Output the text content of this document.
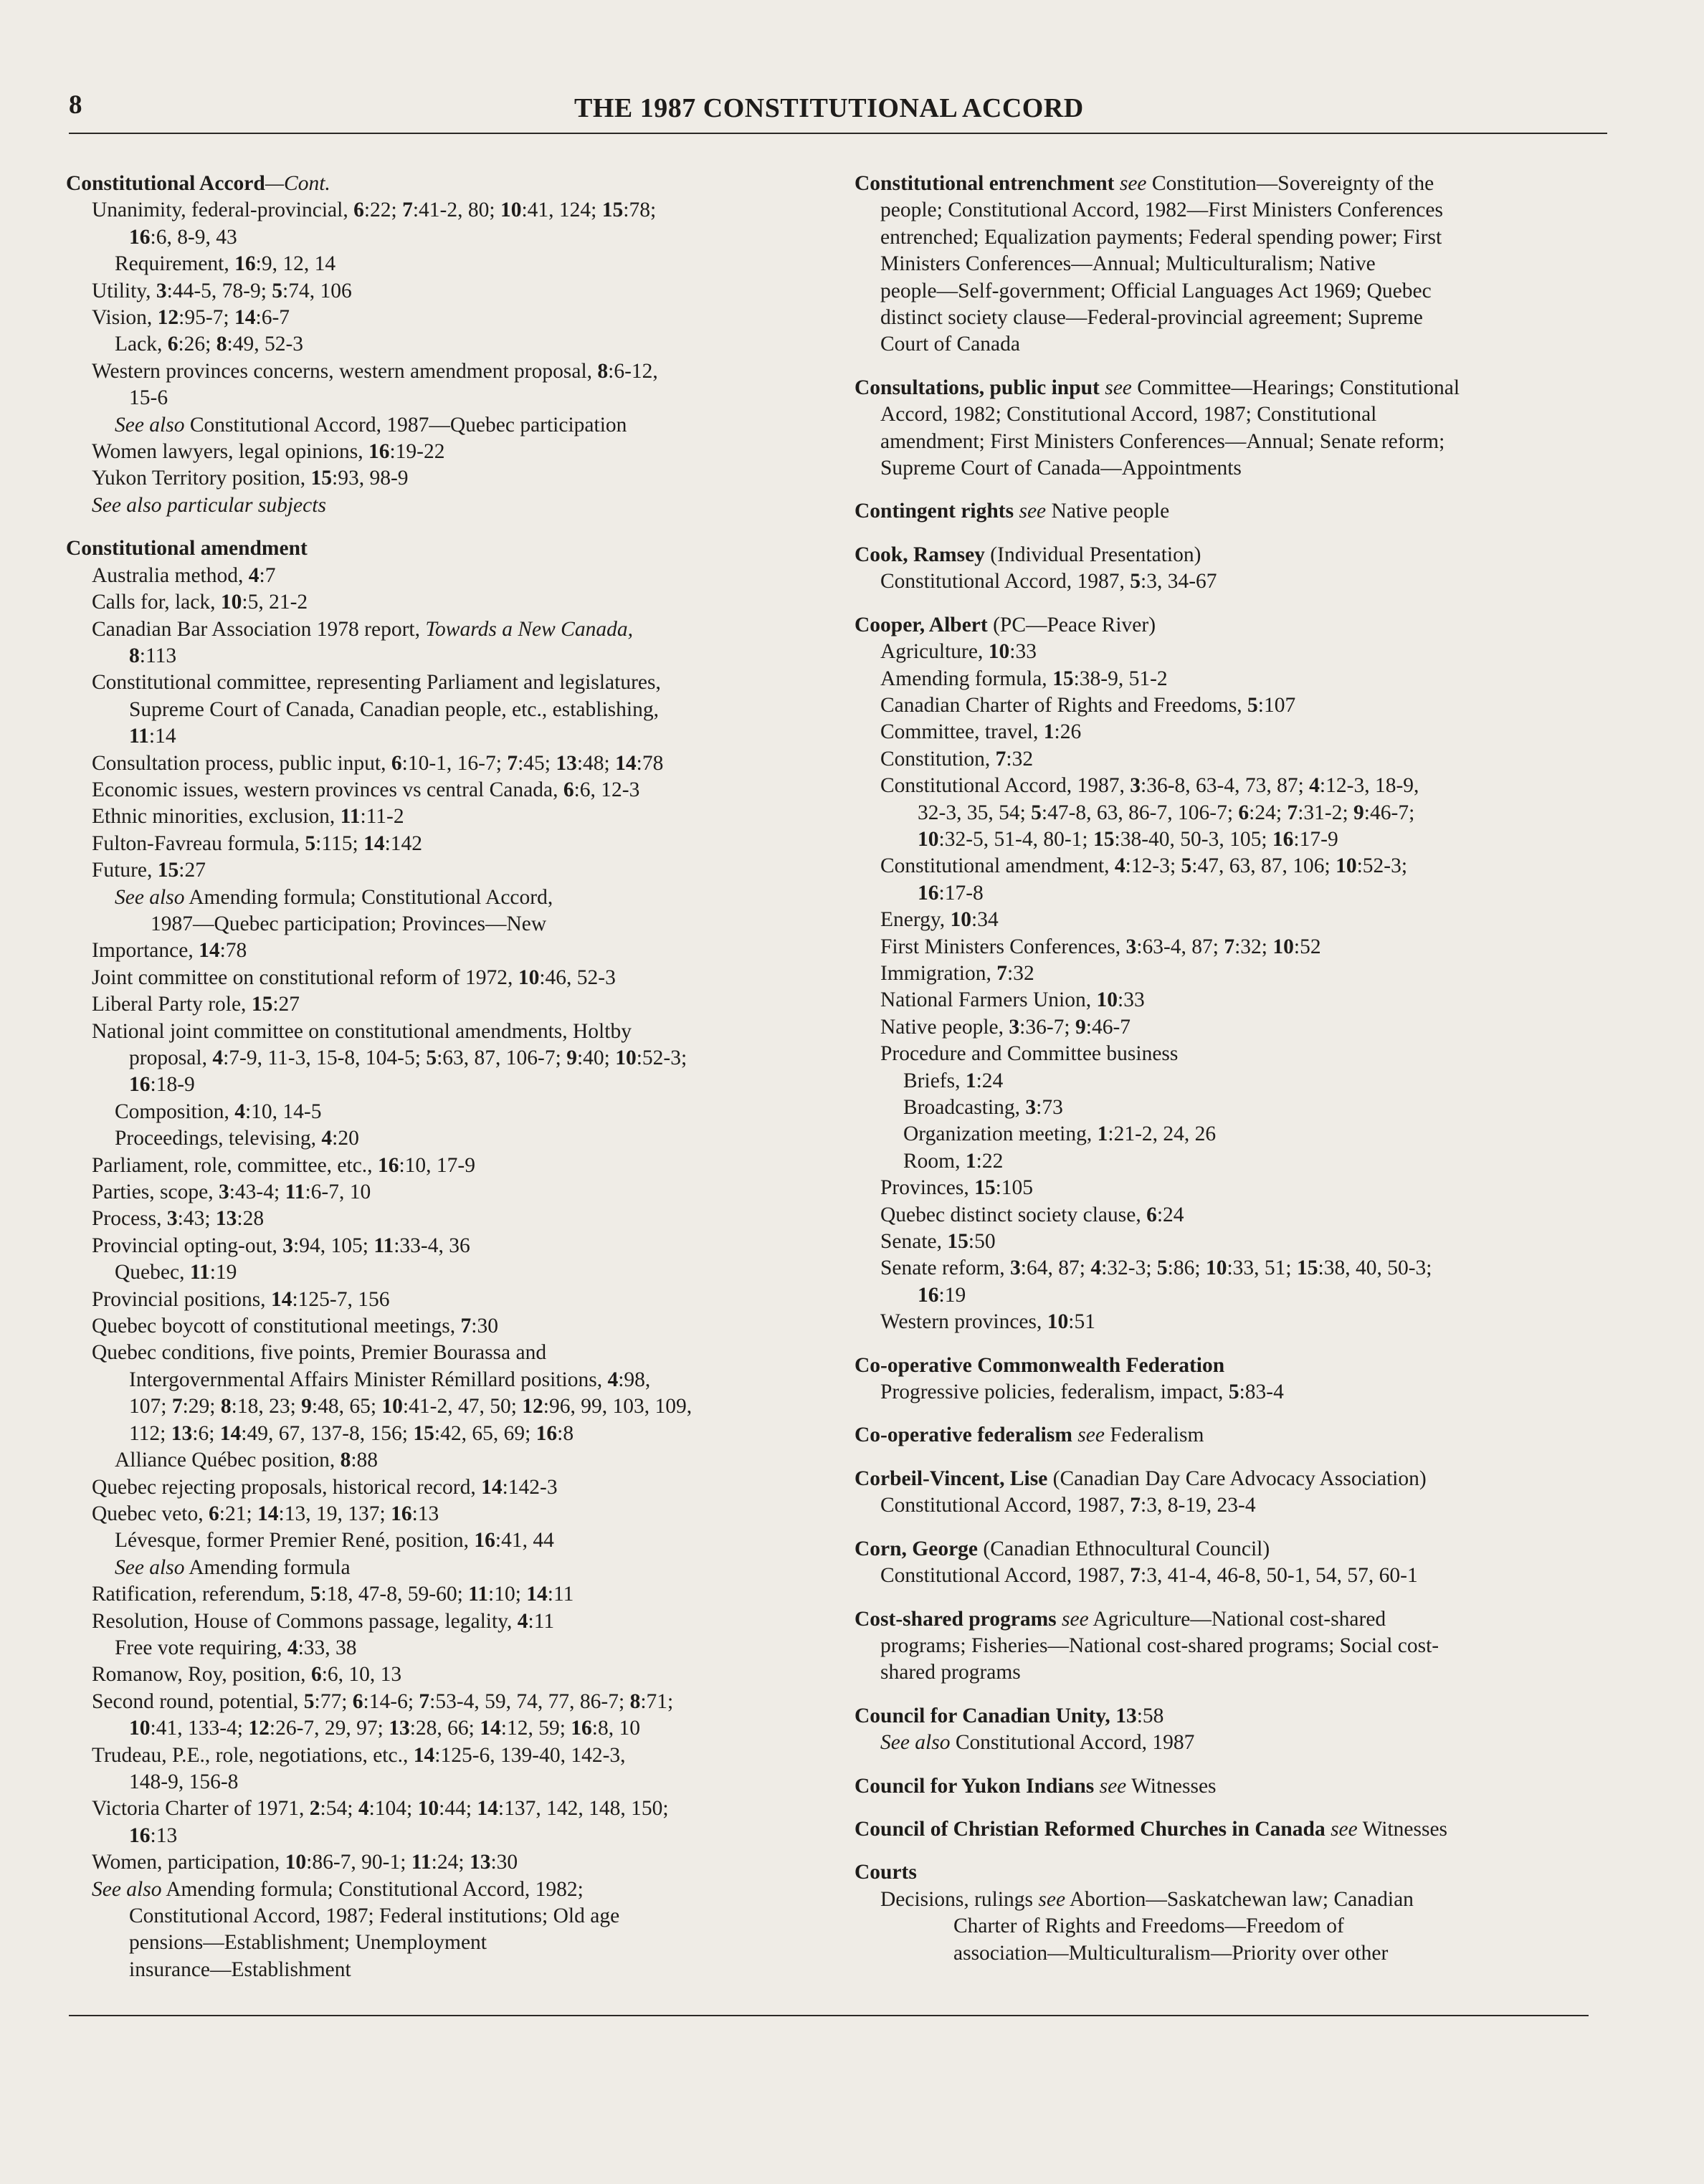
8	THE 1987 CONSTITUTIONAL ACCORD
Constitutional Accord—Cont.
Unanimity, federal-provincial, 6:22; 7:41-2, 80; 10:41, 124; 15:78;
16:6, 8-9, 43
Requirement, 16:9, 12, 14
Utility, 3:44-5, 78-9; 5:74, 106
Vision, 12:95-7; 14:6-7
Lack, 6:26; 8:49, 52-3
Western provinces concerns, western amendment proposal, 8:6-12,
15-6
See also Constitutional Accord, 1987—Quebec participation
Women lawyers, legal opinions, 16:19-22
Yukon Territory position, 15:93, 98-9
See also particular subjects
Constitutional amendment
Australia method, 4:7
Calls for, lack, 10:5, 21-2
Canadian Bar Association 1978 report, Towards a New Canada,
8:113
Constitutional committee, representing Parliament and legislatures,
Supreme Court of Canada, Canadian people, etc., establishing,
11:14
Consultation process, public input, 6:10-1, 16-7; 7:45; 13:48; 14:78
Economic issues, western provinces vs central Canada, 6:6, 12-3
Ethnic minorities, exclusion, 11:11-2
Fulton-Favreau formula, 5:115; 14:142
Future, 15:27
See also Amending formula; Constitutional Accord,
1987—Quebec participation; Provinces—New
Importance, 14:78
Joint committee on constitutional reform of 1972, 10:46, 52-3
Liberal Party role, 15:27
National joint committee on constitutional amendments, Holtby
proposal, 4:7-9, 11-3, 15-8, 104-5; 5:63, 87, 106-7; 9:40; 10:52-3;
16:18-9
Composition, 4:10, 14-5
Proceedings, televising, 4:20
Parliament, role, committee, etc., 16:10, 17-9
Parties, scope, 3:43-4; 11:6-7, 10
Process, 3:43; 13:28
Provincial opting-out, 3:94, 105; 11:33-4, 36
Quebec, 11:19
Provincial positions, 14:125-7, 156
Quebec boycott of constitutional meetings, 7:30
Quebec conditions, five points, Premier Bourassa and
Intergovernmental Affairs Minister Rémillard positions, 4:98,
107; 7:29; 8:18, 23; 9:48, 65; 10:41-2, 47, 50; 12:96, 99, 103, 109,
112; 13:6; 14:49, 67, 137-8, 156; 15:42, 65, 69; 16:8
Alliance Québec position, 8:88
Quebec rejecting proposals, historical record, 14:142-3
Quebec veto, 6:21; 14:13, 19, 137; 16:13
Lévesque, former Premier René, position, 16:41, 44
See also Amending formula
Ratification, referendum, 5:18, 47-8, 59-60; 11:10; 14:11
Resolution, House of Commons passage, legality, 4:11
Free vote requiring, 4:33, 38
Romanow, Roy, position, 6:6, 10, 13
Second round, potential, 5:77; 6:14-6; 7:53-4, 59, 74, 77, 86-7; 8:71;
10:41, 133-4; 12:26-7, 29, 97; 13:28, 66; 14:12, 59; 16:8, 10
Trudeau, P.E., role, negotiations, etc., 14:125-6, 139-40, 142-3,
148-9, 156-8
Victoria Charter of 1971, 2:54; 4:104; 10:44; 14:137, 142, 148, 150;
16:13
Women, participation, 10:86-7, 90-1; 11:24; 13:30
See also Amending formula; Constitutional Accord, 1982;
Constitutional Accord, 1987; Federal institutions; Old age
pensions—Establishment; Unemployment
insurance—Establishment
Constitutional entrenchment see Constitution—Sovereignty of the
people; Constitutional Accord, 1982—First Ministers Conferences
entrenched; Equalization payments; Federal spending power; First
Ministers Conferences—Annual; Multiculturalism; Native
people—Self-government; Official Languages Act 1969; Quebec
distinct society clause—Federal-provincial agreement; Supreme
Court of Canada
Consultations, public input see Committee—Hearings; Constitutional
Accord, 1982; Constitutional Accord, 1987; Constitutional
amendment; First Ministers Conferences—Annual; Senate reform;
Supreme Court of Canada—Appointments
Contingent rights see Native people
Cook, Ramsey (Individual Presentation)
Constitutional Accord, 1987, 5:3, 34-67
Cooper, Albert (PC—Peace River)
Agriculture, 10:33
Amending formula, 15:38-9, 51-2
Canadian Charter of Rights and Freedoms, 5:107
Committee, travel, 1:26
Constitution, 7:32
Constitutional Accord, 1987, 3:36-8, 63-4, 73, 87; 4:12-3, 18-9,
32-3, 35, 54; 5:47-8, 63, 86-7, 106-7; 6:24; 7:31-2; 9:46-7;
10:32-5, 51-4, 80-1; 15:38-40, 50-3, 105; 16:17-9
Constitutional amendment, 4:12-3; 5:47, 63, 87, 106; 10:52-3;
16:17-8
Energy, 10:34
First Ministers Conferences, 3:63-4, 87; 7:32; 10:52
Immigration, 7:32
National Farmers Union, 10:33
Native people, 3:36-7; 9:46-7
Procedure and Committee business
Briefs, 1:24
Broadcasting, 3:73
Organization meeting, 1:21-2, 24, 26
Room, 1:22
Provinces, 15:105
Quebec distinct society clause, 6:24
Senate, 15:50
Senate reform, 3:64, 87; 4:32-3; 5:86; 10:33, 51; 15:38, 40, 50-3;
16:19
Western provinces, 10:51
Co-operative Commonwealth Federation
Progressive policies, federalism, impact, 5:83-4
Co-operative federalism see Federalism
Corbeil-Vincent, Lise (Canadian Day Care Advocacy Association)
Constitutional Accord, 1987, 7:3, 8-19, 23-4
Corn, George (Canadian Ethnocultural Council)
Constitutional Accord, 1987, 7:3, 41-4, 46-8, 50-1, 54, 57, 60-1
Cost-shared programs see Agriculture—National cost-shared
programs; Fisheries—National cost-shared programs; Social cost-
shared programs
Council for Canadian Unity, 13:58
See also Constitutional Accord, 1987
Council for Yukon Indians see Witnesses
Council of Christian Reformed Churches in Canada see Witnesses
Courts
Decisions, rulings see Abortion—Saskatchewan law; Canadian
Charter of Rights and Freedoms—Freedom of
association—Multiculturalism—Priority over other
